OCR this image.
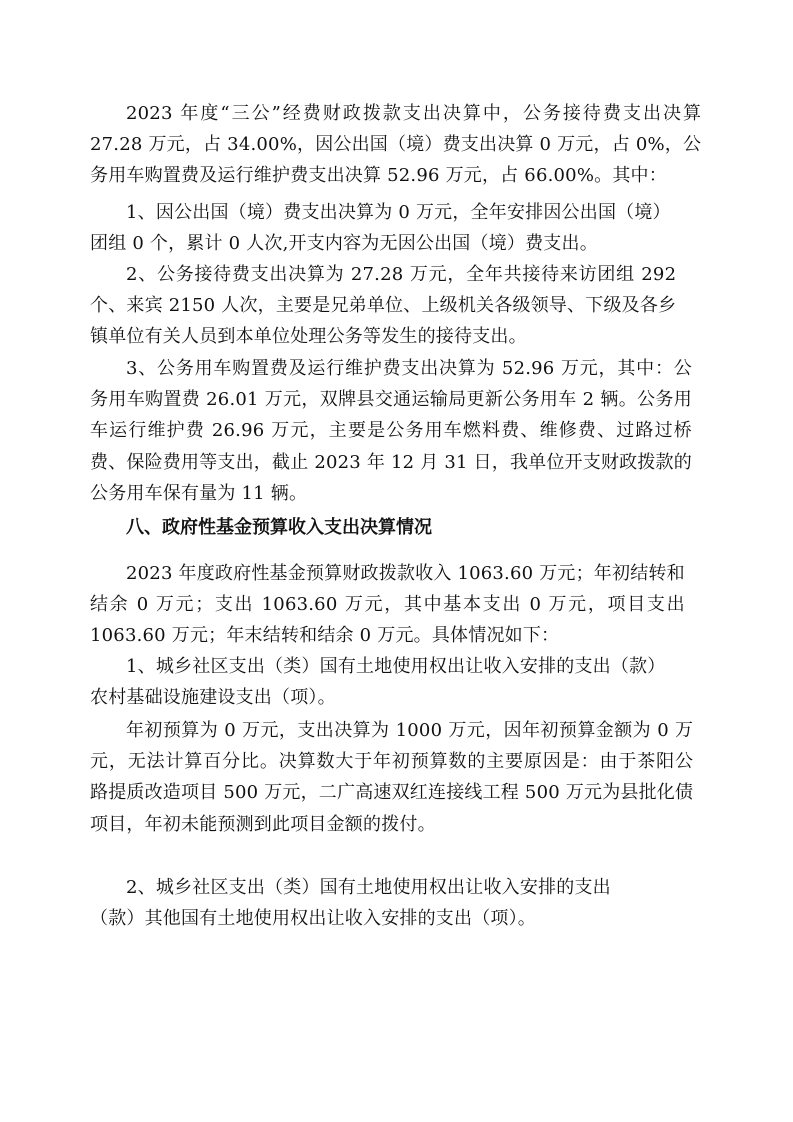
2023 年度“三公”经费财政拨款支出决算中，公务接待费支出决算
27.28 万元，占 34.00%，因公出国（境）费支出决算 0 万元，占 0%，公
务用车购置费及运行维护费支出决算 52.96 万元，占 66.00%。其中：

1、因公出国（境）费支出决算为 0 万元，全年安排因公出国（境）
团组 0 个，累计 0 人次,开支内容为无因公出国（境）费支出。

2、公务接待费支出决算为 27.28 万元，全年共接待来访团组 292
个、来宾 2150 人次，主要是兄弟单位、上级机关各级领导、下级及各乡
镇单位有关人员到本单位处理公务等发生的接待支出。

3、公务用车购置费及运行维护费支出决算为 52.96 万元，其中：公
务用车购置费 26.01 万元，双牌县交通运输局更新公务用车 2 辆。公务用
车运行维护费 26.96 万元，主要是公务用车燃料费、维修费、过路过桥
费、保险费用等支出，截止 2023 年 12 月 31 日，我单位开支财政拨款的
公务用车保有量为 11 辆。

八、政府性基金预算收入支出决算情况

2023 年度政府性基金预算财政拨款收入 1063.60 万元；年初结转和
结余 0 万元；支出 1063.60 万元，其中基本支出 0 万元，项目支出
1063.60 万元；年末结转和结余 0 万元。具体情况如下：

1、城乡社区支出（类）国有土地使用权出让收入安排的支出（款）
农村基础设施建设支出（项）。

年初预算为 0 万元，支出决算为 1000 万元，因年初预算金额为 0 万
元，无法计算百分比。决算数大于年初预算数的主要原因是：由于茶阳公
路提质改造项目 500 万元，二广高速双红连接线工程 500 万元为县批化债
项目，年初未能预测到此项目金额的拨付。

2、城乡社区支出（类）国有土地使用权出让收入安排的支出
（款）其他国有土地使用权出让收入安排的支出（项）。
